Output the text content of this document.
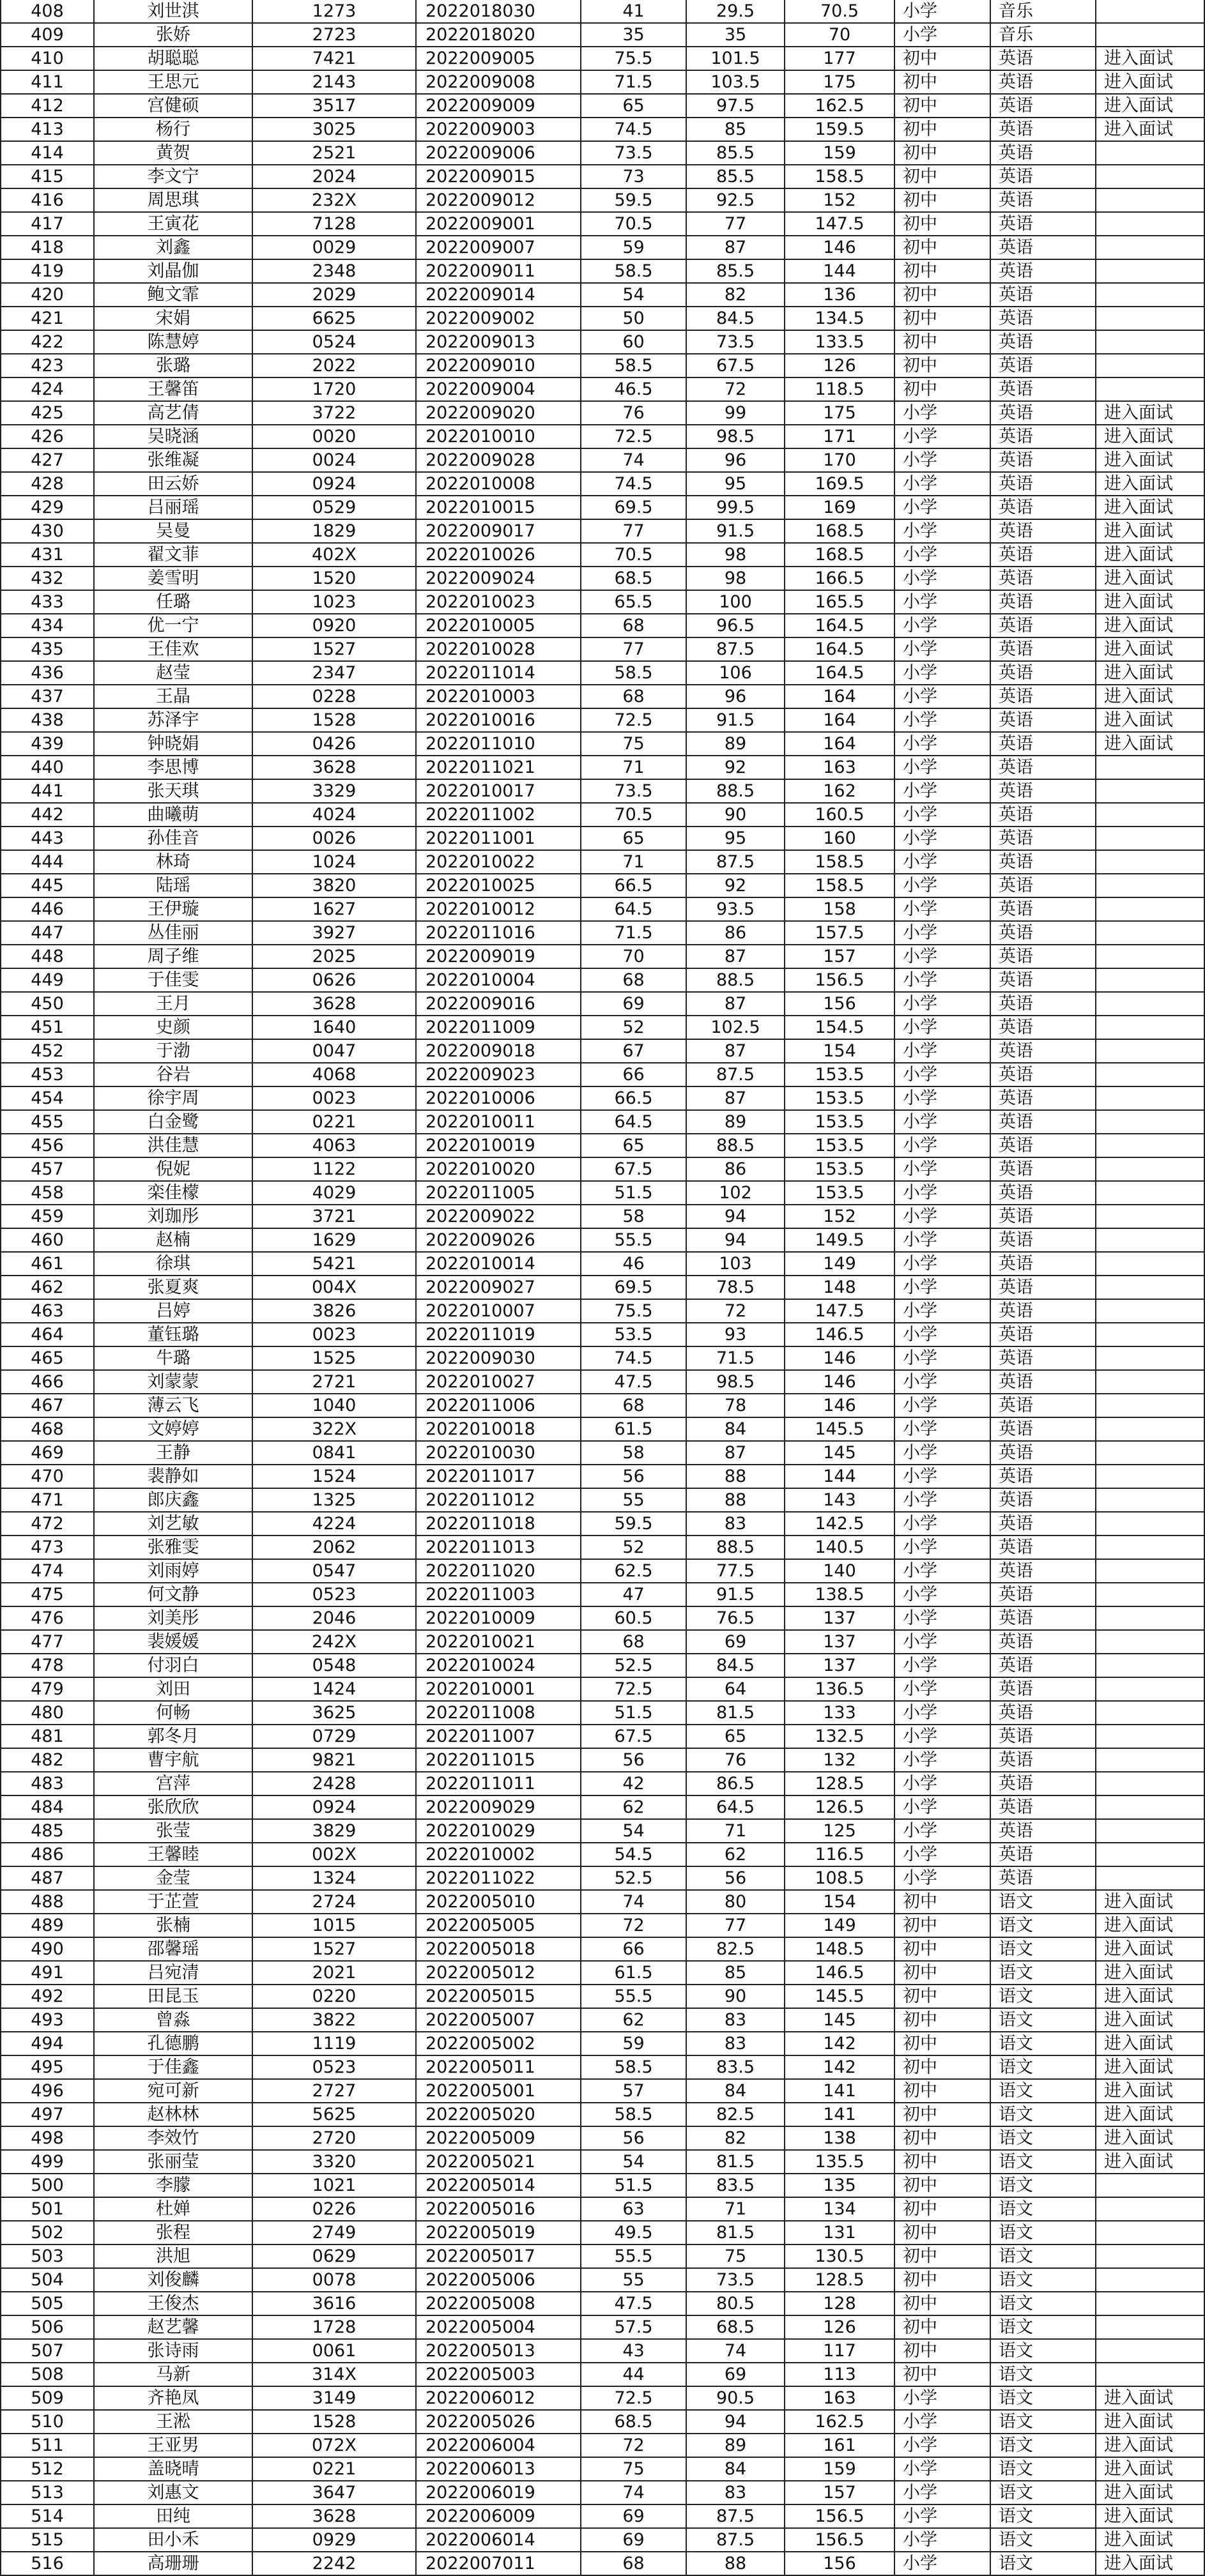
408	刘世淇	1273	2022018030	41	29.5	70.5	小学	音乐	
409	张娇	2723	2022018020	35	35	70	小学	音乐	
410	胡聪聪	7421	2022009005	75.5	101.5	177	初中	英语	进入面试
411	王思元	2143	2022009008	71.5	103.5	175	初中	英语	进入面试
412	宫健硕	3517	2022009009	65	97.5	162.5	初中	英语	进入面试
413	杨行	3025	2022009003	74.5	85	159.5	初中	英语	进入面试
414	黄贺	2521	2022009006	73.5	85.5	159	初中	英语	
415	李文宁	2024	2022009015	73	85.5	158.5	初中	英语	
416	周思琪	232X	2022009012	59.5	92.5	152	初中	英语	
417	王寅花	7128	2022009001	70.5	77	147.5	初中	英语	
418	刘鑫	0029	2022009007	59	87	146	初中	英语	
419	刘晶伽	2348	2022009011	58.5	85.5	144	初中	英语	
420	鲍文霏	2029	2022009014	54	82	136	初中	英语	
421	宋娟	6625	2022009002	50	84.5	134.5	初中	英语	
422	陈慧婷	0524	2022009013	60	73.5	133.5	初中	英语	
423	张璐	2022	2022009010	58.5	67.5	126	初中	英语	
424	王馨笛	1720	2022009004	46.5	72	118.5	初中	英语	
425	高艺倩	3722	2022009020	76	99	175	小学	英语	进入面试
426	吴晓涵	0020	2022010010	72.5	98.5	171	小学	英语	进入面试
427	张维凝	0024	2022009028	74	96	170	小学	英语	进入面试
428	田云娇	0924	2022010008	74.5	95	169.5	小学	英语	进入面试
429	吕丽瑶	0529	2022010015	69.5	99.5	169	小学	英语	进入面试
430	吴曼	1829	2022009017	77	91.5	168.5	小学	英语	进入面试
431	翟文菲	402X	2022010026	70.5	98	168.5	小学	英语	进入面试
432	姜雪明	1520	2022009024	68.5	98	166.5	小学	英语	进入面试
433	任璐	1023	2022010023	65.5	100	165.5	小学	英语	进入面试
434	优一宁	0920	2022010005	68	96.5	164.5	小学	英语	进入面试
435	王佳欢	1527	2022010028	77	87.5	164.5	小学	英语	进入面试
436	赵莹	2347	2022011014	58.5	106	164.5	小学	英语	进入面试
437	王晶	0228	2022010003	68	96	164	小学	英语	进入面试
438	苏泽宇	1528	2022010016	72.5	91.5	164	小学	英语	进入面试
439	钟晓娟	0426	2022011010	75	89	164	小学	英语	进入面试
440	李思博	3628	2022011021	71	92	163	小学	英语	
441	张天琪	3329	2022010017	73.5	88.5	162	小学	英语	
442	曲曦萌	4024	2022011002	70.5	90	160.5	小学	英语	
443	孙佳音	0026	2022011001	65	95	160	小学	英语	
444	林琦	1024	2022010022	71	87.5	158.5	小学	英语	
445	陆瑶	3820	2022010025	66.5	92	158.5	小学	英语	
446	王伊璇	1627	2022010012	64.5	93.5	158	小学	英语	
447	丛佳丽	3927	2022011016	71.5	86	157.5	小学	英语	
448	周子维	2025	2022009019	70	87	157	小学	英语	
449	于佳雯	0626	2022010004	68	88.5	156.5	小学	英语	
450	王月	3628	2022009016	69	87	156	小学	英语	
451	史颜	1640	2022011009	52	102.5	154.5	小学	英语	
452	于渤	0047	2022009018	67	87	154	小学	英语	
453	谷岩	4068	2022009023	66	87.5	153.5	小学	英语	
454	徐宇周	0023	2022010006	66.5	87	153.5	小学	英语	
455	白金鹭	0221	2022010011	64.5	89	153.5	小学	英语	
456	洪佳慧	4063	2022010019	65	88.5	153.5	小学	英语	
457	倪妮	1122	2022010020	67.5	86	153.5	小学	英语	
458	栾佳檬	4029	2022011005	51.5	102	153.5	小学	英语	
459	刘珈彤	3721	2022009022	58	94	152	小学	英语	
460	赵楠	1629	2022009026	55.5	94	149.5	小学	英语	
461	徐琪	5421	2022010014	46	103	149	小学	英语	
462	张夏爽	004X	2022009027	69.5	78.5	148	小学	英语	
463	吕婷	3826	2022010007	75.5	72	147.5	小学	英语	
464	董钰璐	0023	2022011019	53.5	93	146.5	小学	英语	
465	牛璐	1525	2022009030	74.5	71.5	146	小学	英语	
466	刘蒙蒙	2721	2022010027	47.5	98.5	146	小学	英语	
467	薄云飞	1040	2022011006	68	78	146	小学	英语	
468	文婷婷	322X	2022010018	61.5	84	145.5	小学	英语	
469	王静	0841	2022010030	58	87	145	小学	英语	
470	裴静如	1524	2022011017	56	88	144	小学	英语	
471	郎庆鑫	1325	2022011012	55	88	143	小学	英语	
472	刘艺敏	4224	2022011018	59.5	83	142.5	小学	英语	
473	张雅雯	2062	2022011013	52	88.5	140.5	小学	英语	
474	刘雨婷	0547	2022011020	62.5	77.5	140	小学	英语	
475	何文静	0523	2022011003	47	91.5	138.5	小学	英语	
476	刘美彤	2046	2022010009	60.5	76.5	137	小学	英语	
477	裴媛媛	242X	2022010021	68	69	137	小学	英语	
478	付羽白	0548	2022010024	52.5	84.5	137	小学	英语	
479	刘田	1424	2022010001	72.5	64	136.5	小学	英语	
480	何畅	3625	2022011008	51.5	81.5	133	小学	英语	
481	郭冬月	0729	2022011007	67.5	65	132.5	小学	英语	
482	曹宇航	9821	2022011015	56	76	132	小学	英语	
483	宫萍	2428	2022011011	42	86.5	128.5	小学	英语	
484	张欣欣	0924	2022009029	62	64.5	126.5	小学	英语	
485	张莹	3829	2022010029	54	71	125	小学	英语	
486	王馨睦	002X	2022010002	54.5	62	116.5	小学	英语	
487	金莹	1324	2022011022	52.5	56	108.5	小学	英语	
488	于芷萱	2724	2022005010	74	80	154	初中	语文	进入面试
489	张楠	1015	2022005005	72	77	149	初中	语文	进入面试
490	邵馨瑶	1527	2022005018	66	82.5	148.5	初中	语文	进入面试
491	吕宛清	2021	2022005012	61.5	85	146.5	初中	语文	进入面试
492	田昆玉	0220	2022005015	55.5	90	145.5	初中	语文	进入面试
493	曾淼	3822	2022005007	62	83	145	初中	语文	进入面试
494	孔德鹏	1119	2022005002	59	83	142	初中	语文	进入面试
495	于佳鑫	0523	2022005011	58.5	83.5	142	初中	语文	进入面试
496	宛可新	2727	2022005001	57	84	141	初中	语文	进入面试
497	赵林林	5625	2022005020	58.5	82.5	141	初中	语文	进入面试
498	李效竹	2720	2022005009	56	82	138	初中	语文	进入面试
499	张丽莹	3320	2022005021	54	81.5	135.5	初中	语文	进入面试
500	李朦	1021	2022005014	51.5	83.5	135	初中	语文	
501	杜婵	0226	2022005016	63	71	134	初中	语文	
502	张程	2749	2022005019	49.5	81.5	131	初中	语文	
503	洪旭	0629	2022005017	55.5	75	130.5	初中	语文	
504	刘俊麟	0078	2022005006	55	73.5	128.5	初中	语文	
505	王俊杰	3616	2022005008	47.5	80.5	128	初中	语文	
506	赵艺馨	1728	2022005004	57.5	68.5	126	初中	语文	
507	张诗雨	0061	2022005013	43	74	117	初中	语文	
508	马新	314X	2022005003	44	69	113	初中	语文	
509	齐艳凤	3149	2022006012	72.5	90.5	163	小学	语文	进入面试
510	王淞	1528	2022005026	68.5	94	162.5	小学	语文	进入面试
511	王亚男	072X	2022006004	72	89	161	小学	语文	进入面试
512	盖晓晴	0221	2022006013	75	84	159	小学	语文	进入面试
513	刘惠文	3647	2022006019	74	83	157	小学	语文	进入面试
514	田纯	3628	2022006009	69	87.5	156.5	小学	语文	进入面试
515	田小禾	0929	2022006014	69	87.5	156.5	小学	语文	进入面试
516	高珊珊	2242	2022007011	68	88	156	小学	语文	进入面试
